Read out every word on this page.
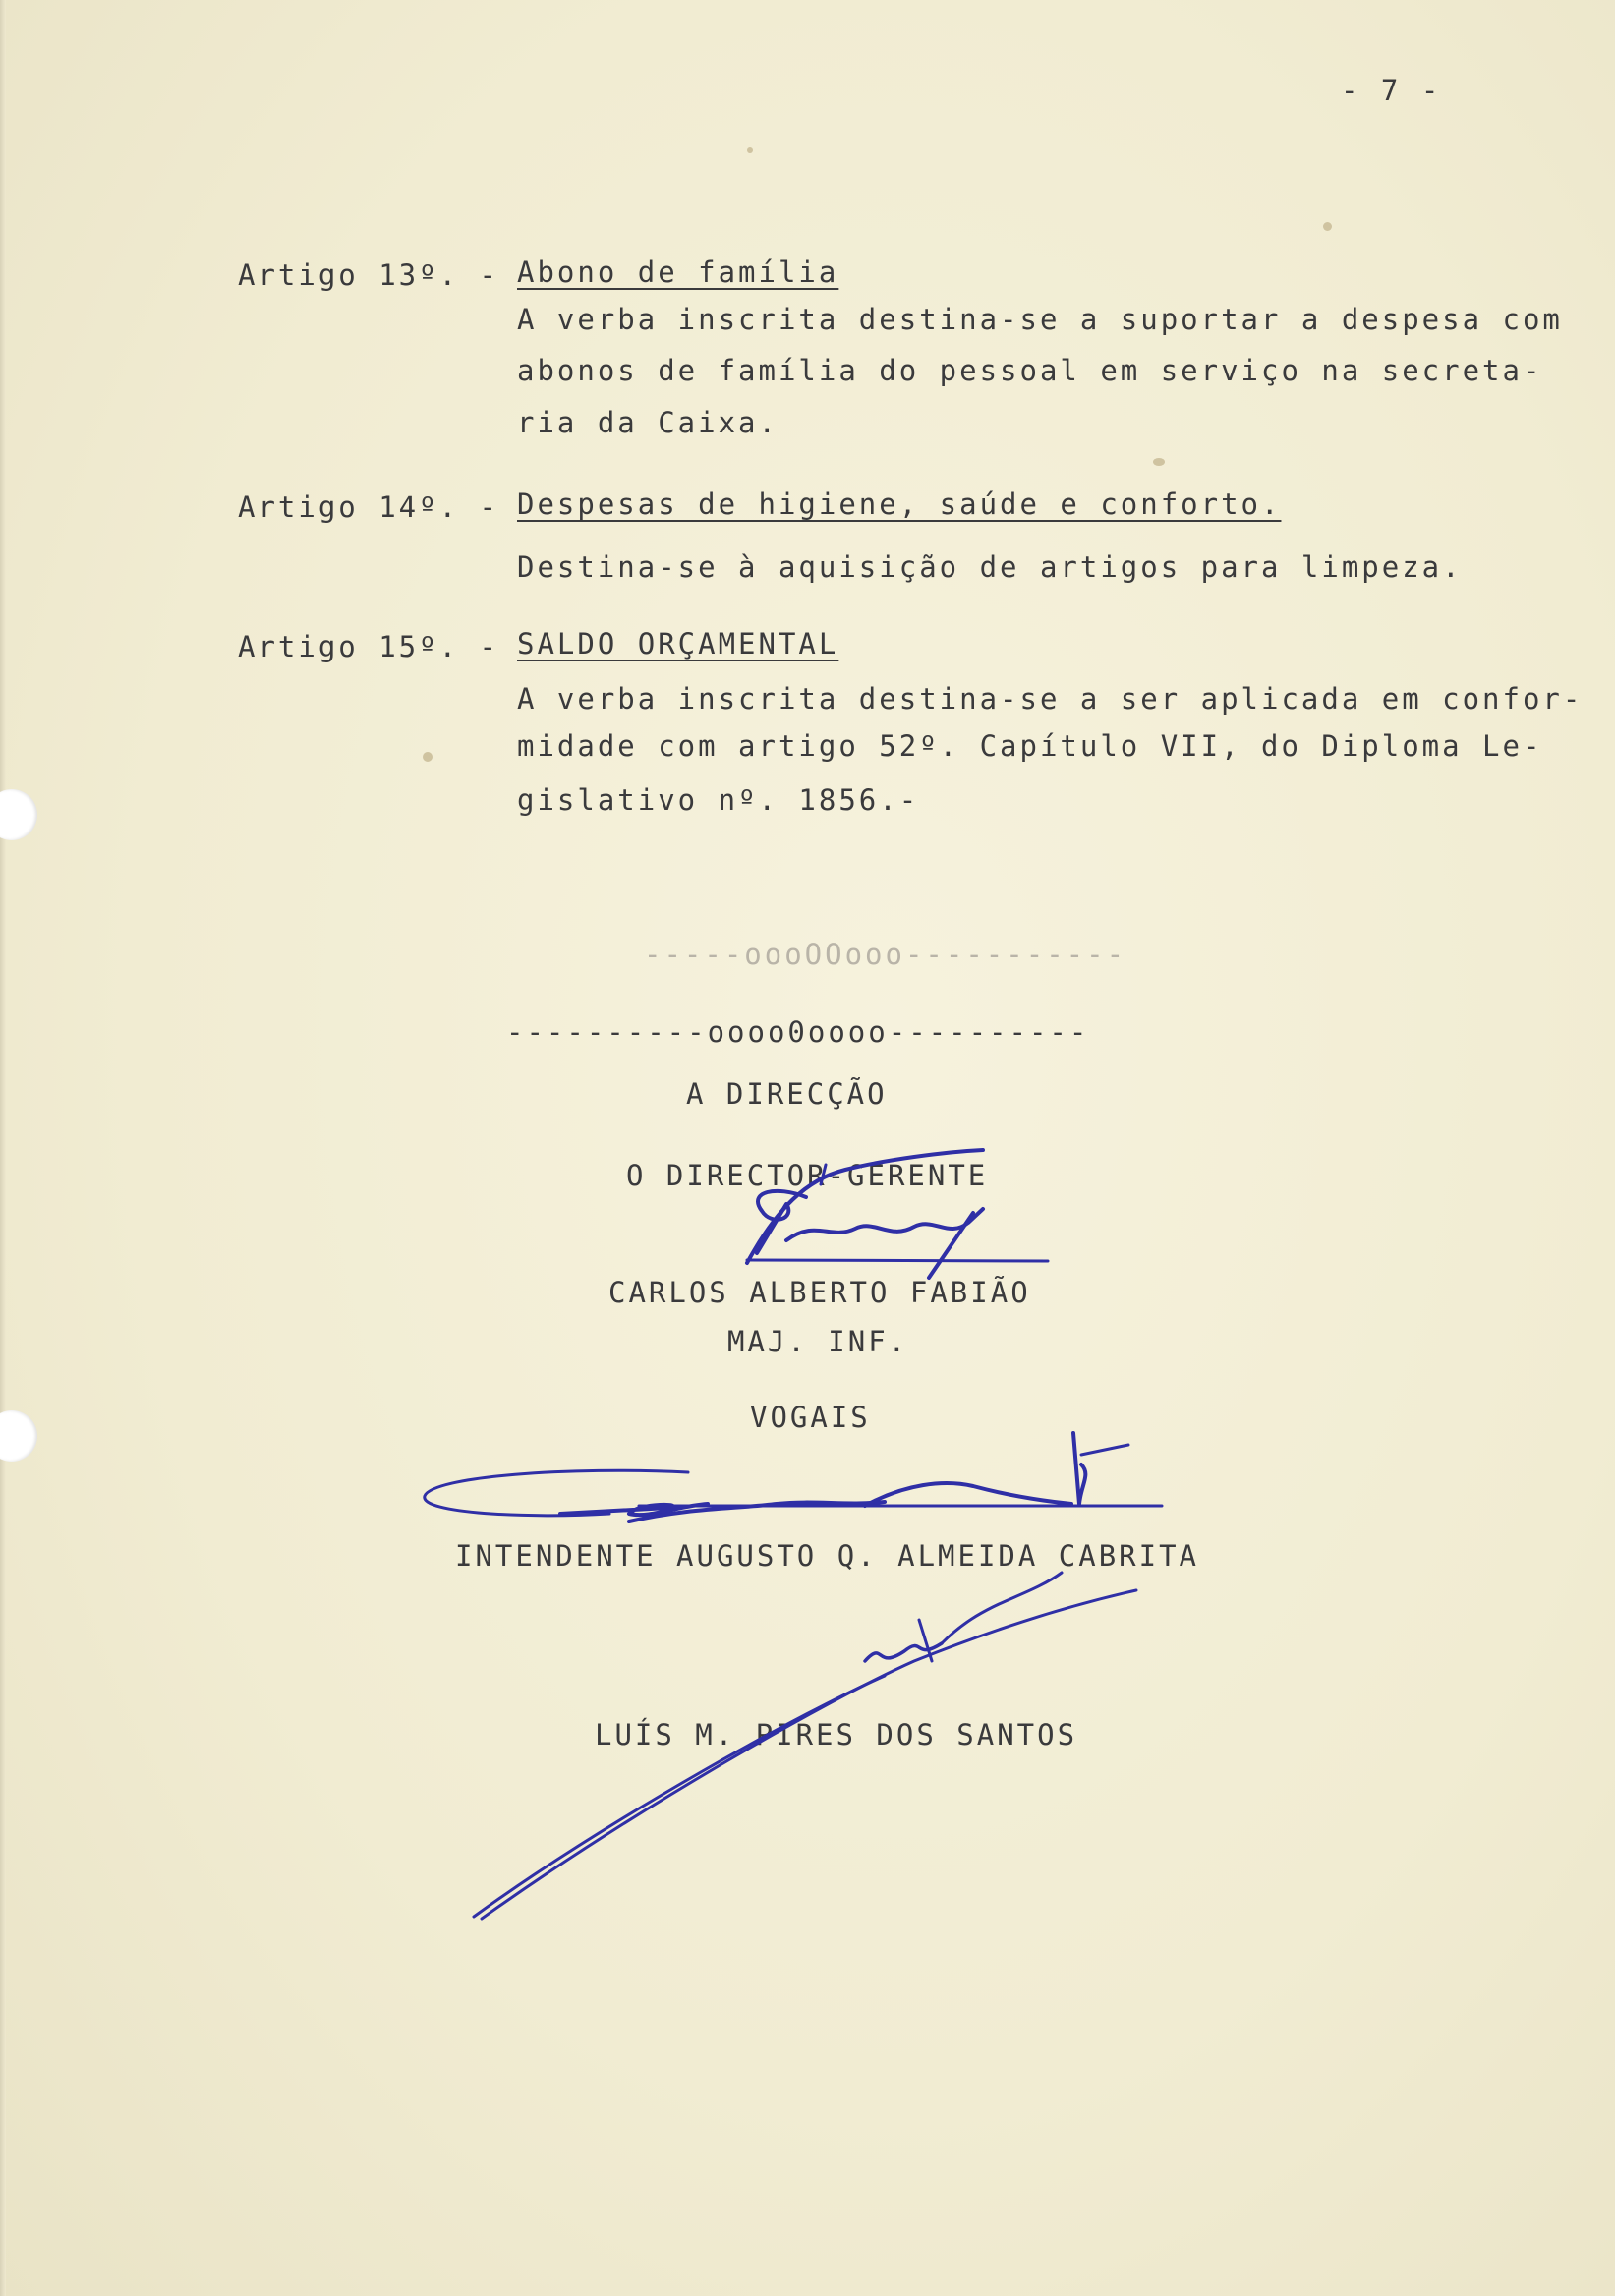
- 7 -
Artigo 13º. - Abono de família
A verba inscrita destina-se a suportar a despesa com
abonos de família do pessoal em serviço na secreta-
ria da Caixa.
Artigo 14º. - Despesas de higiene, saúde e conforto.
Destina-se à aquisição de artigos para limpeza.
Artigo 15º. - SALDO ORÇAMENTAL
A verba inscrita destina-se a ser aplicada em confor-
midade com artigo 52º. Capítulo VII, do Diploma Le-
gislativo nº. 1856.-
-----oooOOooo-----------
----------oooo0oooo----------
A DIRECÇÃO
O DIRECTOR-GERENTE
CARLOS ALBERTO FABIÃO
MAJ. INF.
VOGAIS
INTENDENTE AUGUSTO Q. ALMEIDA CABRITA
LUÍS M. PIRES DOS SANTOS
